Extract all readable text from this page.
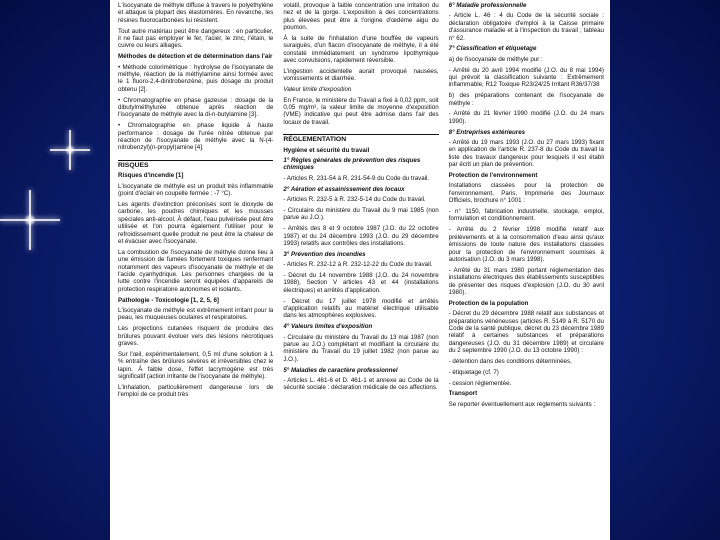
L'isocyanate de méthyle diffuse à travers le polyéthylène et attaque la plupart des élastomères. En revanche, les résines fluorocarbonées lui résistent.

Tout autre matériau peut être dangereux : en particulier, il ne faut pas employer le fer, l'acier, le zinc, l'étain, le cuivre ou leurs alliages.

Méthodes de détection et de détermination dans l'air

• Méthode colorimétrique : hydrolyse de l'isocyanate de méthyle, réaction de la méthylamine ainsi formée avec le 1 fluoro-2,4-dinitrobenzène, puis dosage du produit obtenu [2].

• Chromatographie en phase gazeuse : dosage de la dibutylméthylurée obtenue après réaction de l'isocyanate de méthyle avec la di-n-butylamine [3].

• Chromatographie en phase liquide à haute performance : dosage de l'urée nitrée obtenue par réaction de l'isocyanate de méthyle avec la N-(4-nitrobenzyl)(n-propyl)amine [4].

RISQUES
Risques d'incendie [1]

L'isocyanate de méthyle est un produit très inflammable (point d'éclair en coupelle fermée : -7 °C).

Les agents d'extinction préconisés sont le dioxyde de carbone, les poudres chimiques et les mousses spéciales anti-alcool. À défaut, l'eau pulvérisée peut être utilisée et l'on pourra également l'utiliser pour le refroidissement quelle produit ne peut être la chaleur de et évacuer avec l'isocyanate.

La combustion de l'isocyanate de méthyle donne lieu à une émission de fumées fortement toxiques renfermant notamment des vapeurs d'isocyanate de méthyle et de l'acide cyanhydrique. Les personnes chargées de la lutte contre l'incendie seront équipées d'appareils de protection respiratoire autonomes et isolants.

Pathologie - Toxicologie [1, 2, 5, 6]

L'isocyanate de méthyle est extrêmement irritant pour la peau, les muqueuses oculaires et respiratoires.

Les projections cutanées risquent de produire des brûlures pouvant évoluer vers des lésions nécrotiques graves.

Sur l'œil, expérimentalement, 0,5 ml d'une solution à 1 % entraîne des brûlures sévères et irréversibles chez le lapin. À faible dose, l'effet lacrymogène est très significatif (action irritante de l'isocyanate de méthyle).

L'inhalation, particulièrement dangereuse lors de l'emploi de ce produit très

volatil, provoque à faible concentration une irritation du nez et de la gorge. L'exposition à des concentrations plus élevées peut être à l'origine d'œdème aigu du poumon.

À la suite de l'inhalation d'une bouffée de vapeurs suraiguës, d'un flacon d'isocyanate de méthyle, il a été constaté immédiatement un syndrome lipothymique avec convulsions, rapidement réversible.

L'ingestion accidentelle aurait provoqué nausées, vomissements et diarrhée.

Valeur limite d'exposition

En France, le ministère du Travail a fixé à 0,02 ppm, soit 0,05 mg/m³, la valeur limite de moyenne d'exposition (VME) indicative qui peut être admise dans l'air des locaux de travail.

RÉGLEMENTATION
Hygiène et sécurité du travail
1° Règles générales de prévention des risques chimiques

- Articles R. 231-54 à R. 231-54-9 du Code du travail.

2° Aération et assainissement des locaux

- Articles R. 232-5 à R. 232-5-14 du Code du travail.

- Circulaire du ministère du Travail du 9 mai 1985 (non parue au J.O.).

- Arrêtés des 8 et 9 octobre 1987 (J.O. du 22 octobre 1987) et du 24 décembre 1993 (J.O. du 29 décembre 1993) relatifs aux contrôles des installations.

3° Prévention des incendies

- Articles R. 232-12 à R. 232-12-22 du Code du travail.

- Décret du 14 novembre 1988 (J.O. du 24 novembre 1988), Section V articles 43 et 44 (installations électriques) et arrêtés d'application.

- Décret du 17 juillet 1978 modifié et arrêtés d'application relatifs au matériel électrique utilisable dans les atmosphères explosives.

4° Valeurs limites d'exposition

- Circulaire du ministère du Travail du 13 mai 1987 (non parue au J.O.) complétant et modifiant la circulaire du ministère du Travail du 19 juillet 1982 (non parue au J.O.).

5° Maladies de caractère professionnel

- Articles L. 461-6 et D. 461-1 et annexe au Code de la sécurité sociale : déclaration médicale de ces affections.

6° Maladie professionnelle

- Article L. 46 : 4 du Code de la sécurité sociale : déclaration obligatoire d'emploi à la Caisse primaire d'assurance maladie et à l'inspection du travail ; tableau n° 62.

7° Classification et étiquetage

a) de l'isocyanate de méthyle pur :

- Arrêté du 20 avril 1994 modifié (J.O. du 8 mai 1994) qui prévoit la classification suivante : Extrêmement inflammable, R12 Toxique R23/24/25 Irritant R36/37/38

b) des préparations contenant de l'isocyanate de méthyle :

- Arrêté du 21 février 1990 modifié (J.O. du 24 mars 1990).

8° Entreprises extérieures

- Arrêté du 19 mars 1993 (J.O. du 27 mars 1993) fixant en application de l'article R. 237-8 du Code du travail la liste des travaux dangereux pour lesquels il est établi par écrit un plan de prévention.

Protection de l'environnement

Installations classées pour la protection de l'environnement, Paris, Imprimerie des Journaux Officiels, brochure n° 1001 :

- n° 1150, fabrication industrielle, stockage, emploi, formulation et conditionnement.

- Arrêté du 2 février 1998 modifié relatif aux prélèvements et à la consommation d'eau ainsi qu'aux émissions de toute nature des installations classées pour la protection de l'environnement soumises à autorisation (J.O. du 3 mars 1998).

- Arrêté du 31 mars 1980 portant réglementation des installations électriques des établissements susceptibles de présenter des risques d'explosion (J.O. du 30 avril 1980).

Protection de la population

- Décret du 29 décembre 1988 relatif aux substances et préparations vénéneuses (articles R. 5149 à R. 5170 du Code de la santé publique, décret du 23 décembre 1989 relatif à certaines substances et préparations dangereuses (J.O. du 31 décembre 1989) et circulaire du 2 septembre 1990 (J.O. du 13 octobre 1990) :

- détention dans des conditions déterminées,

- étiquetage (cf. 7)

- cession réglementée.

Transport

Se reporter éventuellement aux règlements suivants :
